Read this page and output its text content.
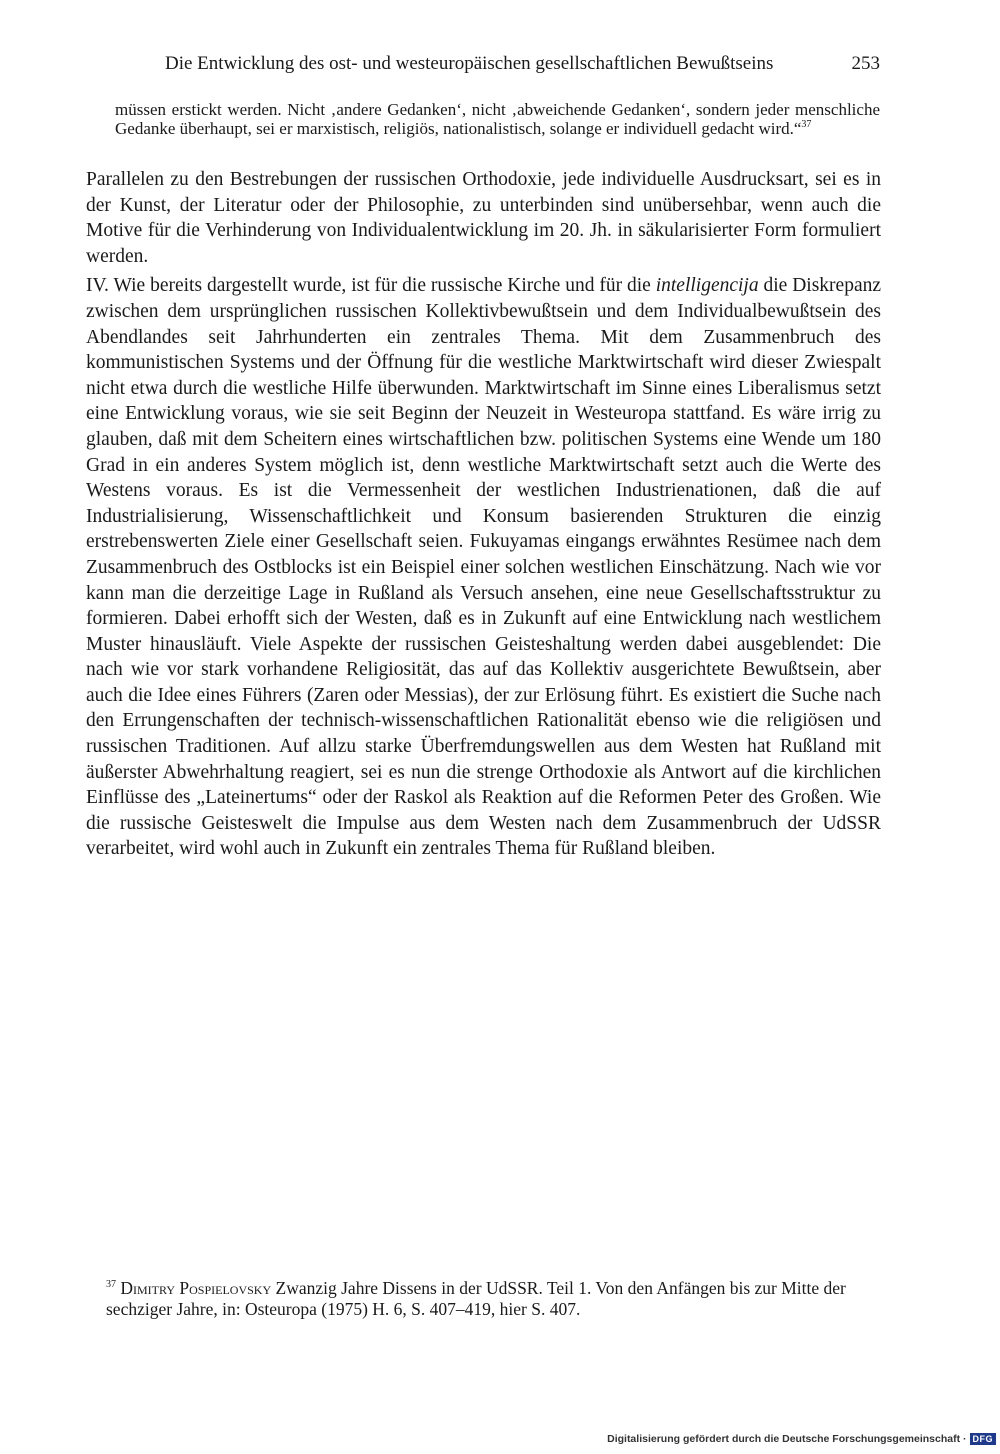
Die Entwicklung des ost- und westeuropäischen gesellschaftlichen Bewußtseins	253
müssen erstickt werden. Nicht ‚andere Gedanken‘, nicht ‚abweichende Gedanken‘, sondern jeder menschliche Gedanke überhaupt, sei er marxistisch, religiös, nationalistisch, solange er individuell gedacht wird.“$^{37}$

Parallelen zu den Bestrebungen der russischen Orthodoxie, jede individuelle Ausdrucksart, sei es in der Kunst, der Literatur oder der Philosophie, zu unterbinden sind unübersehbar, wenn auch die Motive für die Verhinderung von Individualentwicklung im 20. Jh. in säkularisierter Form formuliert werden.

IV. Wie bereits dargestellt wurde, ist für die russische Kirche und für die intelligencija die Diskrepanz zwischen dem ursprünglichen russischen Kollektivbewußtsein und dem Individualbewußtsein des Abendlandes seit Jahrhunderten ein zentrales Thema. Mit dem Zusammenbruch des kommunistischen Systems und der Öffnung für die westliche Marktwirtschaft wird dieser Zwiespalt nicht etwa durch die westliche Hilfe überwunden. Marktwirtschaft im Sinne eines Liberalismus setzt eine Entwicklung voraus, wie sie seit Beginn der Neuzeit in Westeuropa stattfand. Es wäre irrig zu glauben, daß mit dem Scheitern eines wirtschaftlichen bzw. politischen Systems eine Wende um 180 Grad in ein anderes System möglich ist, denn westliche Marktwirtschaft setzt auch die Werte des Westens voraus. Es ist die Vermessenheit der westlichen Industrienationen, daß die auf Industrialisierung, Wissenschaftlichkeit und Konsum basierenden Strukturen die einzig erstrebenswerten Ziele einer Gesellschaft seien. Fukuyamas eingangs erwähntes Resümee nach dem Zusammenbruch des Ostblocks ist ein Beispiel einer solchen westlichen Einschätzung. Nach wie vor kann man die derzeitige Lage in Rußland als Versuch ansehen, eine neue Gesellschaftsstruktur zu formieren. Dabei erhofft sich der Westen, daß es in Zukunft auf eine Entwicklung nach westlichem Muster hinausläuft. Viele Aspekte der russischen Geisteshaltung werden dabei ausgeblendet: Die nach wie vor stark vorhandene Religiosität, das auf das Kollektiv ausgerichtete Bewußtsein, aber auch die Idee eines Führers (Zaren oder Messias), der zur Erlösung führt. Es existiert die Suche nach den Errungenschaften der technisch-wissenschaftlichen Rationalität ebenso wie die religiösen und russischen Traditionen. Auf allzu starke Überfremdungswellen aus dem Westen hat Rußland mit äußerster Abwehrhaltung reagiert, sei es nun die strenge Orthodoxie als Antwort auf die kirchlichen Einflüsse des „Lateinertums“ oder der Raskol als Reaktion auf die Reformen Peter des Großen. Wie die russische Geisteswelt die Impulse aus dem Westen nach dem Zusammenbruch der UdSSR verarbeitet, wird wohl auch in Zukunft ein zentrales Thema für Rußland bleiben.

$^{37}$ Dimitry Pospielovsky Zwanzig Jahre Dissens in der UdSSR. Teil 1. Von den Anfängen bis zur Mitte der sechziger Jahre, in: Osteuropa (1975) H. 6, S. 407–419, hier S. 407.
Digitalisierung gefördert durch die Deutsche Forschungsgemeinschaft · DFG
